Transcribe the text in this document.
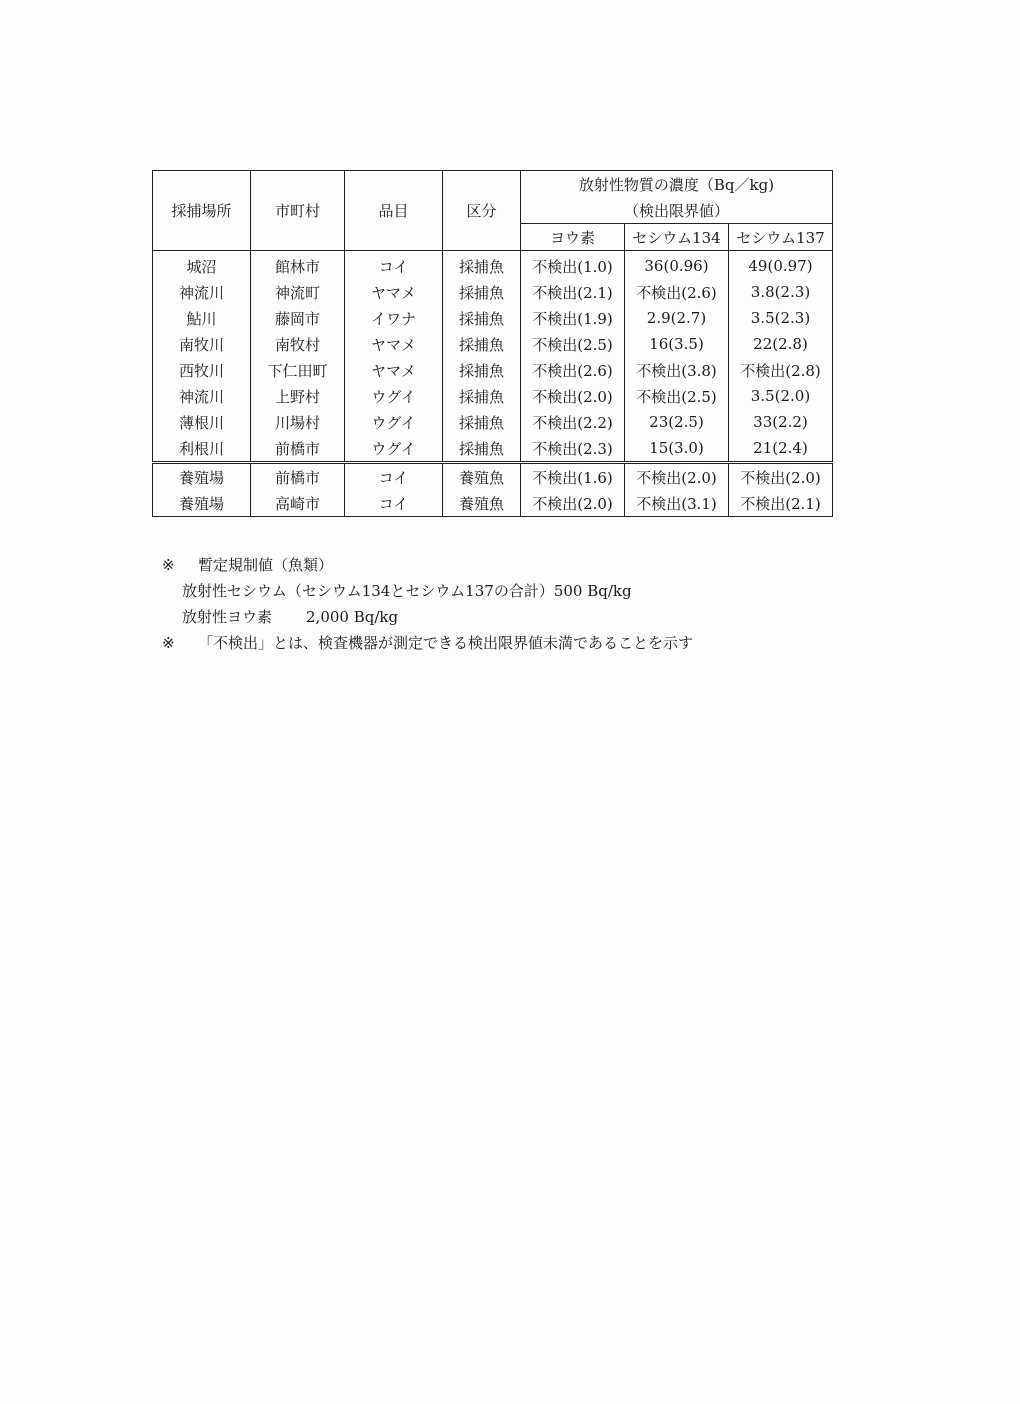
採捕場所	市町村	品目	区分	放射性物質の濃度（Bq／kg)		
				（検出限界値）		
				ヨウ素	セシウム134	セシウム137
城沼	館林市	コイ	採捕魚	不検出(1.0)	36(0.96)	49(0.97)
神流川	神流町	ヤマメ	採捕魚	不検出(2.1)	不検出(2.6)	3.8(2.3)
鮎川	藤岡市	イワナ	採捕魚	不検出(1.9)	2.9(2.7)	3.5(2.3)
南牧川	南牧村	ヤマメ	採捕魚	不検出(2.5)	16(3.5)	22(2.8)
西牧川	下仁田町	ヤマメ	採捕魚	不検出(2.6)	不検出(3.8)	不検出(2.8)
神流川	上野村	ウグイ	採捕魚	不検出(2.0)	不検出(2.5)	3.5(2.0)
薄根川	川場村	ウグイ	採捕魚	不検出(2.2)	23(2.5)	33(2.2)
利根川	前橋市	ウグイ	採捕魚	不検出(2.3)	15(3.0)	21(2.4)
養殖場	前橋市	コイ	養殖魚	不検出(1.6)	不検出(2.0)	不検出(2.0)
養殖場	高崎市	コイ	養殖魚	不検出(2.0)	不検出(3.1)	不検出(2.1)
※ 暫定規制値（魚類）
放射性セシウム（セシウム134とセシウム137の合計）500 Bq/kg
放射性ヨウ素 2,000 Bq/kg
※ 「不検出」とは、検査機器が測定できる検出限界値未満であることを示す
